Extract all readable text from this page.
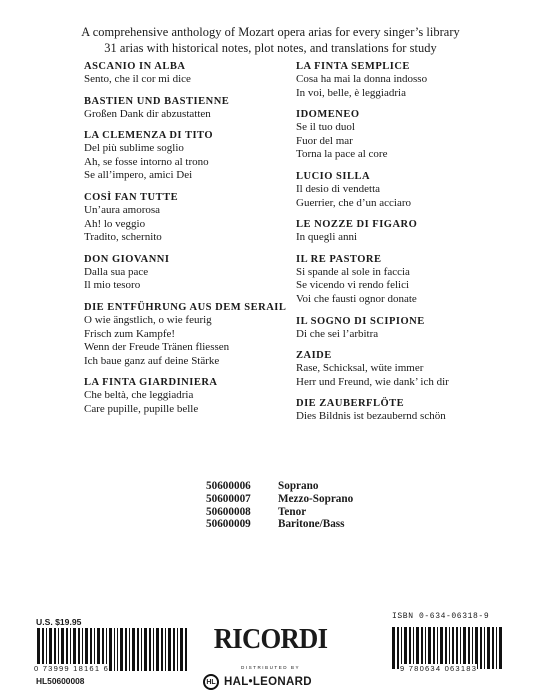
A comprehensive anthology of Mozart opera arias for every singer’s library
31 arias with historical notes, plot notes, and translations for study
ASCANIO IN ALBA
Sento, che il cor mi dice
BASTIEN UND BASTIENNE
Großen Dank dir abzustatten
LA CLEMENZA DI TITO
Del più sublime soglio
Ah, se fosse intorno al trono
Se all’impero, amici Dei
COSÌ FAN TUTTE
Un’aura amorosa
Ah! lo veggio
Tradito, schernito
DON GIOVANNI
Dalla sua pace
Il mio tesoro
DIE ENTFÜHRUNG AUS DEM SERAIL
O wie ängstlich, o wie feurig
Frisch zum Kampfe!
Wenn der Freude Tränen fliessen
Ich baue ganz auf deine Stärke
LA FINTA GIARDINIERA
Che beltà, che leggiadria
Care pupille, pupille belle
LA FINTA SEMPLICE
Cosa ha mai la donna indosso
In voi, belle, è leggiadria
IDOMENEO
Se il tuo duol
Fuor del mar
Torna la pace al core
LUCIO SILLA
Il desio di vendetta
Guerrier, che d’un acciaro
LE NOZZE DI FIGARO
In quegli anni
IL RE PASTORE
Si spande al sole in faccia
Se vicendo vi rendo felici
Voi che fausti ognor donate
IL SOGNO DI SCIPIONE
Di che sei l’arbitra
ZAIDE
Rase, Schicksal, wüte immer
Herr und Freund, wie dank’ ich dir
DIE ZAUBERFLÖTE
Dies Bildnis ist bezaubernd schön
50600006	Soprano
50600007	Mezzo-Soprano
50600008	Tenor
50600009	Baritone/Bass
ISBN 0-634-06318-9
U.S. $19.95
0 73999 18161 6	9 780634 063183
HL50600008
RICORDI
DISTRIBUTED BY
HL HAL•LEONARD
